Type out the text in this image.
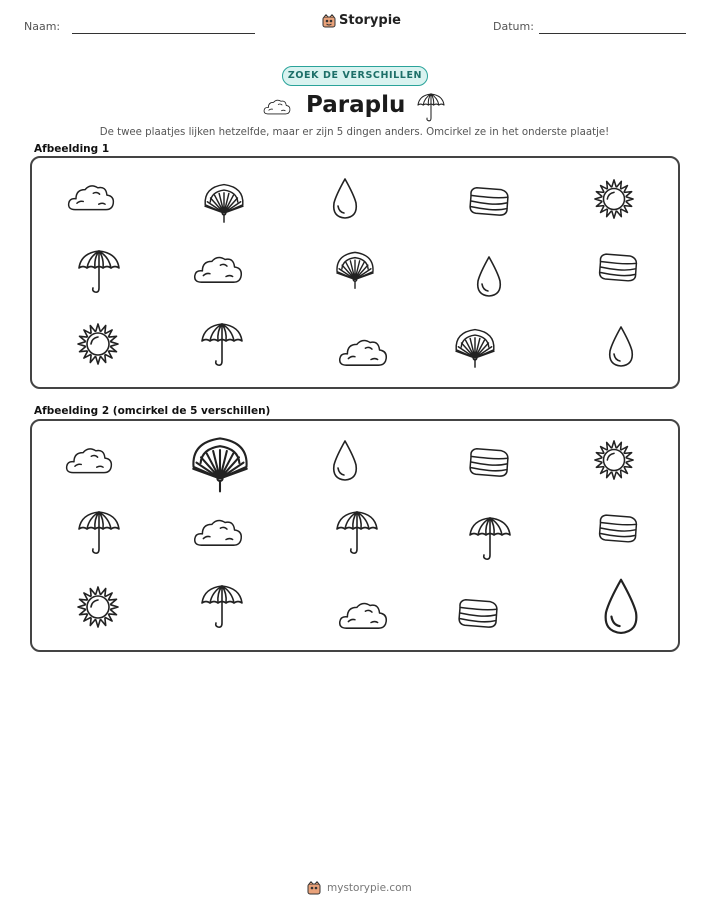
Naam:	Storypie	Datum:
ZOEK DE VERSCHILLEN
Paraplu
De twee plaatjes lijken hetzelfde, maar er zijn 5 dingen anders. Omcirkel ze in het onderste plaatje!
Afbeelding 1
Afbeelding 2 (omcirkel de 5 verschillen)
mystorypie.com
